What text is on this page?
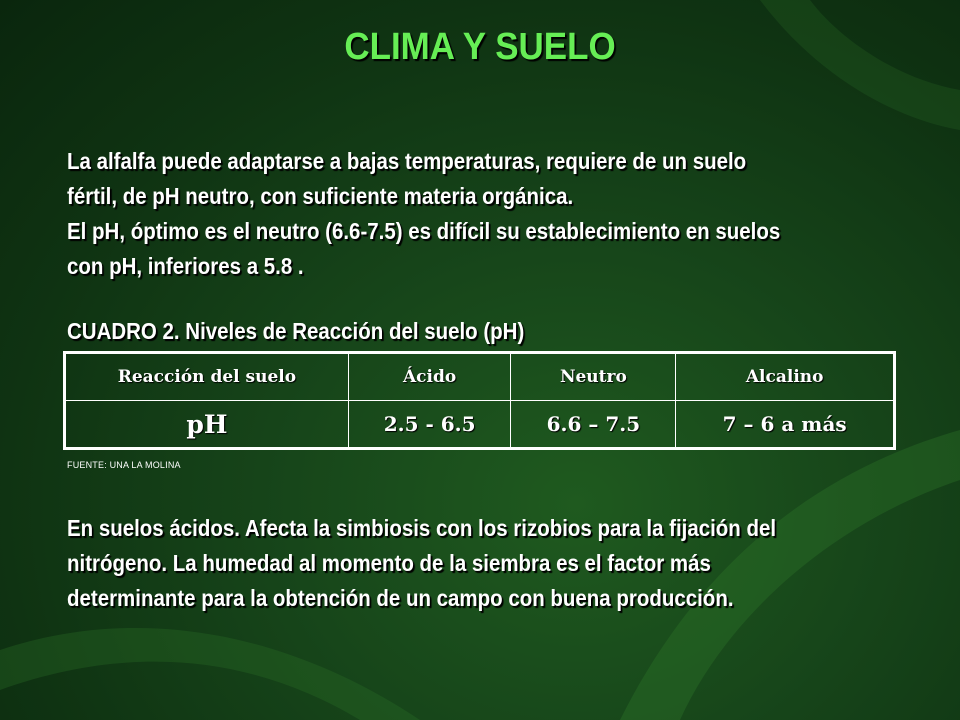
CLIMA Y SUELO
La alfalfa puede adaptarse a bajas temperaturas, requiere de un suelo
fértil, de pH neutro, con suficiente materia orgánica.
El pH, óptimo es el neutro (6.6-7.5) es difícil su establecimiento en suelos
con pH, inferiores a 5.8 .
CUADRO 2. Niveles de Reacción del suelo (pH)
Reacción del suelo	Ácido	Neutro	Alcalino
pH	2.5 - 6.5	6.6 – 7.5	7 – 6 a más
FUENTE: UNA LA MOLINA
En suelos ácidos. Afecta la simbiosis con los rizobios para la fijación del
nitrógeno. La humedad al momento de la siembra es el factor más
determinante para la obtención de un campo con buena producción.
